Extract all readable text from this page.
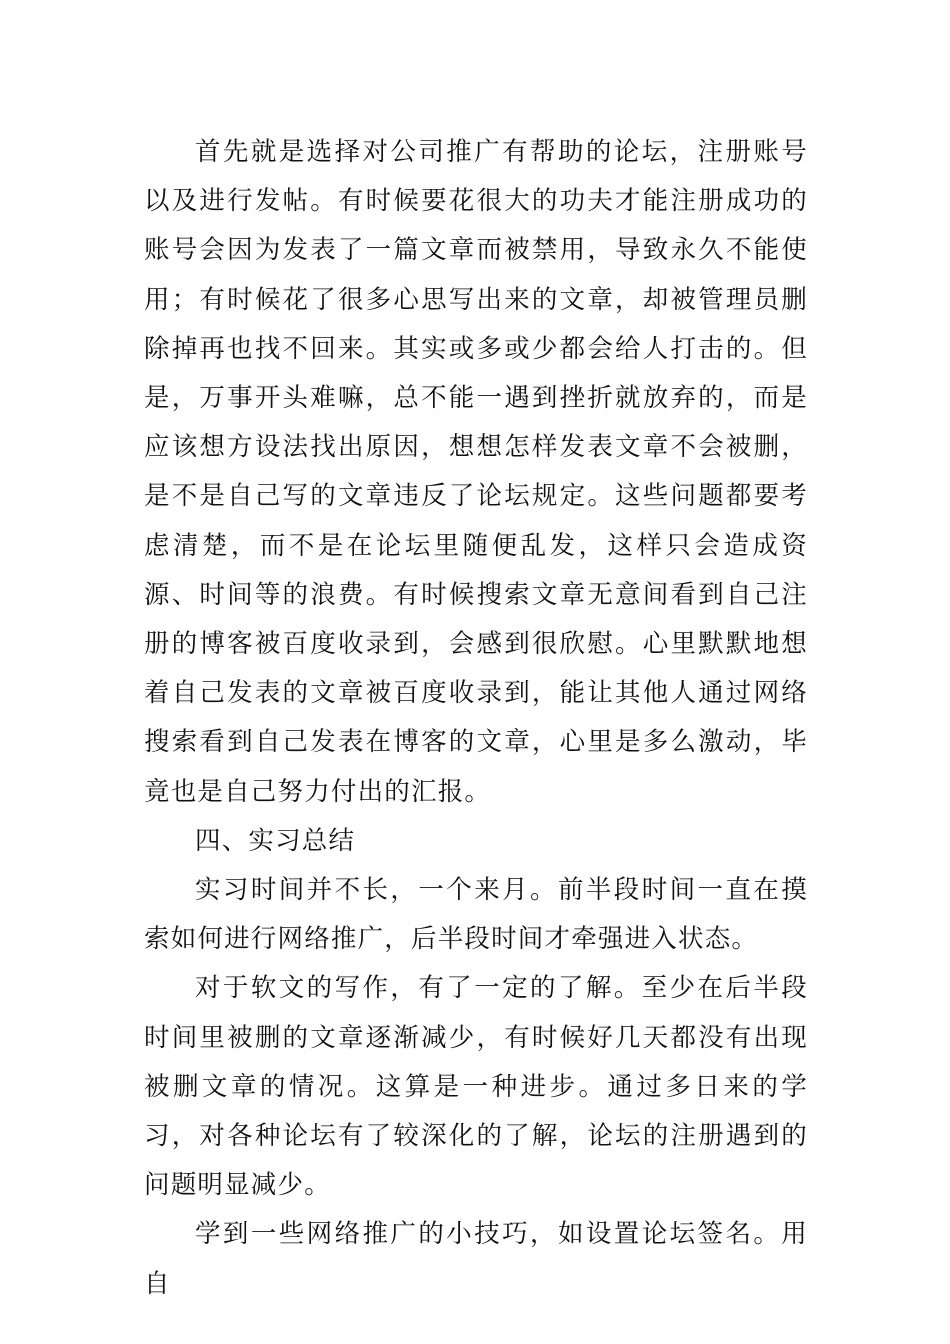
首先就是选择对公司推广有帮助的论坛，注册账号以及进行发帖。有时候要花很大的功夫才能注册成功的账号会因为发表了一篇文章而被禁用，导致永久不能使用；有时候花了很多心思写出来的文章，却被管理员删除掉再也找不回来。其实或多或少都会给人打击的。但是，万事开头难嘛，总不能一遇到挫折就放弃的，而是应该想方设法找出原因，想想怎样发表文章不会被删，是不是自己写的文章违反了论坛规定。这些问题都要考虑清楚，而不是在论坛里随便乱发，这样只会造成资源、时间等的浪费。有时候搜索文章无意间看到自己注册的博客被百度收录到，会感到很欣慰。心里默默地想着自己发表的文章被百度收录到，能让其他人通过网络搜索看到自己发表在博客的文章，心里是多么激动，毕竟也是自己努力付出的汇报。

四、实习总结

实习时间并不长，一个来月。前半段时间一直在摸索如何进行网络推广，后半段时间才牵强进入状态。

对于软文的写作，有了一定的了解。至少在后半段时间里被删的文章逐渐减少，有时候好几天都没有出现被删文章的情况。这算是一种进步。通过多日来的学习，对各种论坛有了较深化的了解，论坛的注册遇到的问题明显减少。

学到一些网络推广的小技巧，如设置论坛签名。用自
